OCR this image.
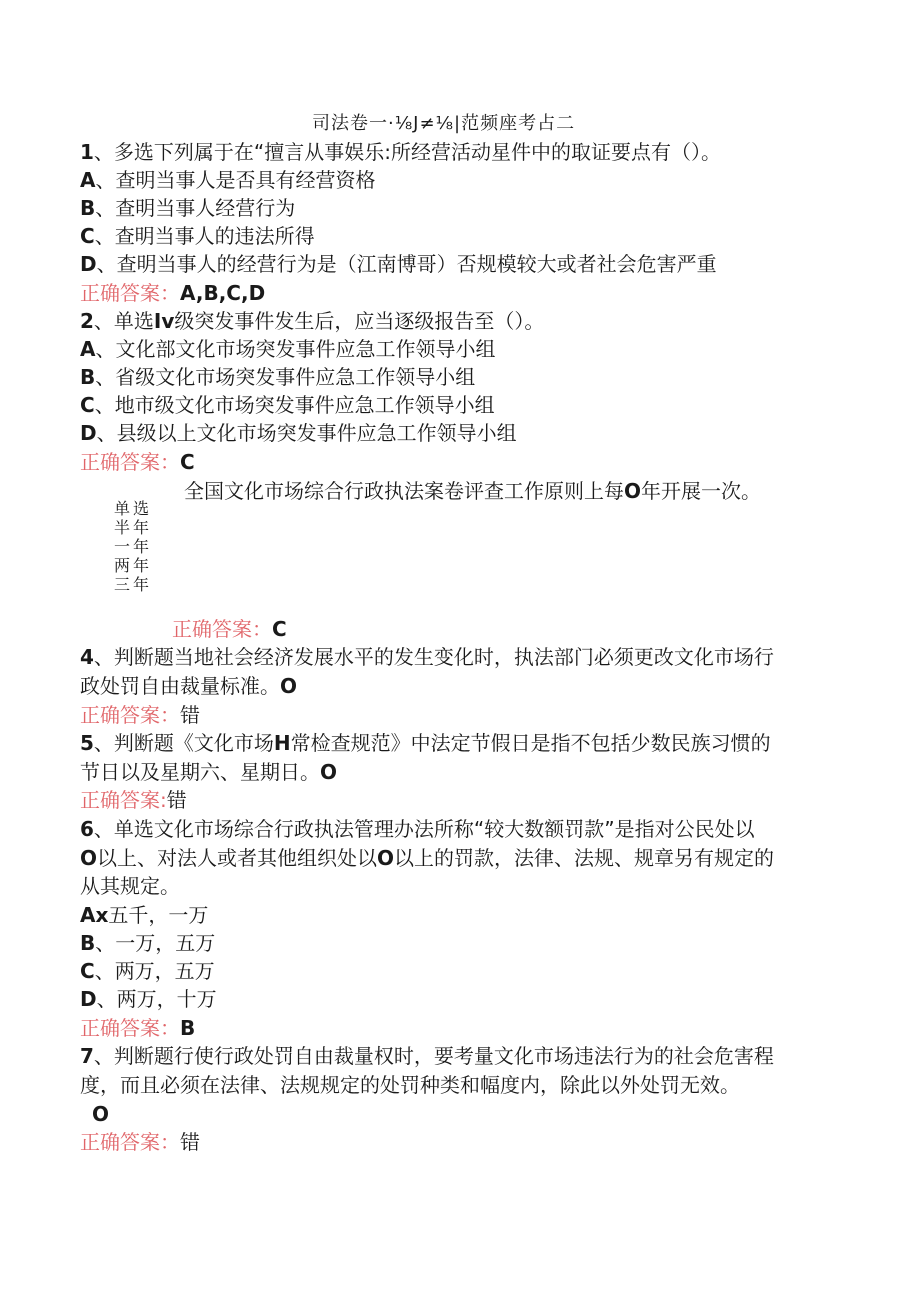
司法卷一·⅛J≠⅛|范频座考占二
1、多选下列属于在“擅言从事娱乐:所经营活动星件中的取证要点有（）。
A、查明当事人是否具有经营资格
B、查明当事人经营行为
C、查明当事人的违法所得
D、查明当事人的经营行为是（江南博哥）否规模较大或者社会危害严重
正确答案：A,B,C,D
2、单选Iv级突发事件发生后，应当逐级报告至（）。
A、文化部文化市场突发事件应急工作领导小组
B、省级文化市场突发事件应急工作领导小组
C、地市级文化市场突发事件应急工作领导小组
D、县级以上文化市场突发事件应急工作领导小组
正确答案：C
全国文化市场综合行政执法案卷评查工作原则上每O年开展一次。
单选
半年
一年
两年
三年
正确答案：C
4、判断题当地社会经济发展水平的发生变化时，执法部门必须更改文化市场行
政处罚自由裁量标准。O
正确答案：错
5、判断题《文化市场H常检查规范》中法定节假日是指不包括少数民族习惯的
节日以及星期六、星期日。O
正确答案:错
6、单选文化市场综合行政执法管理办法所称“较大数额罚款”是指对公民处以
O以上、对法人或者其他组织处以O以上的罚款，法律、法规、规章另有规定的
从其规定。
Ax五千，一万
B、一万，五万
C、两万，五万
D、两万，十万
正确答案：B
7、判断题行使行政处罚自由裁量权时，要考量文化市场违法行为的社会危害程
度，而且必须在法律、法规规定的处罚种类和幅度内，除此以外处罚无效。
O
正确答案：错
